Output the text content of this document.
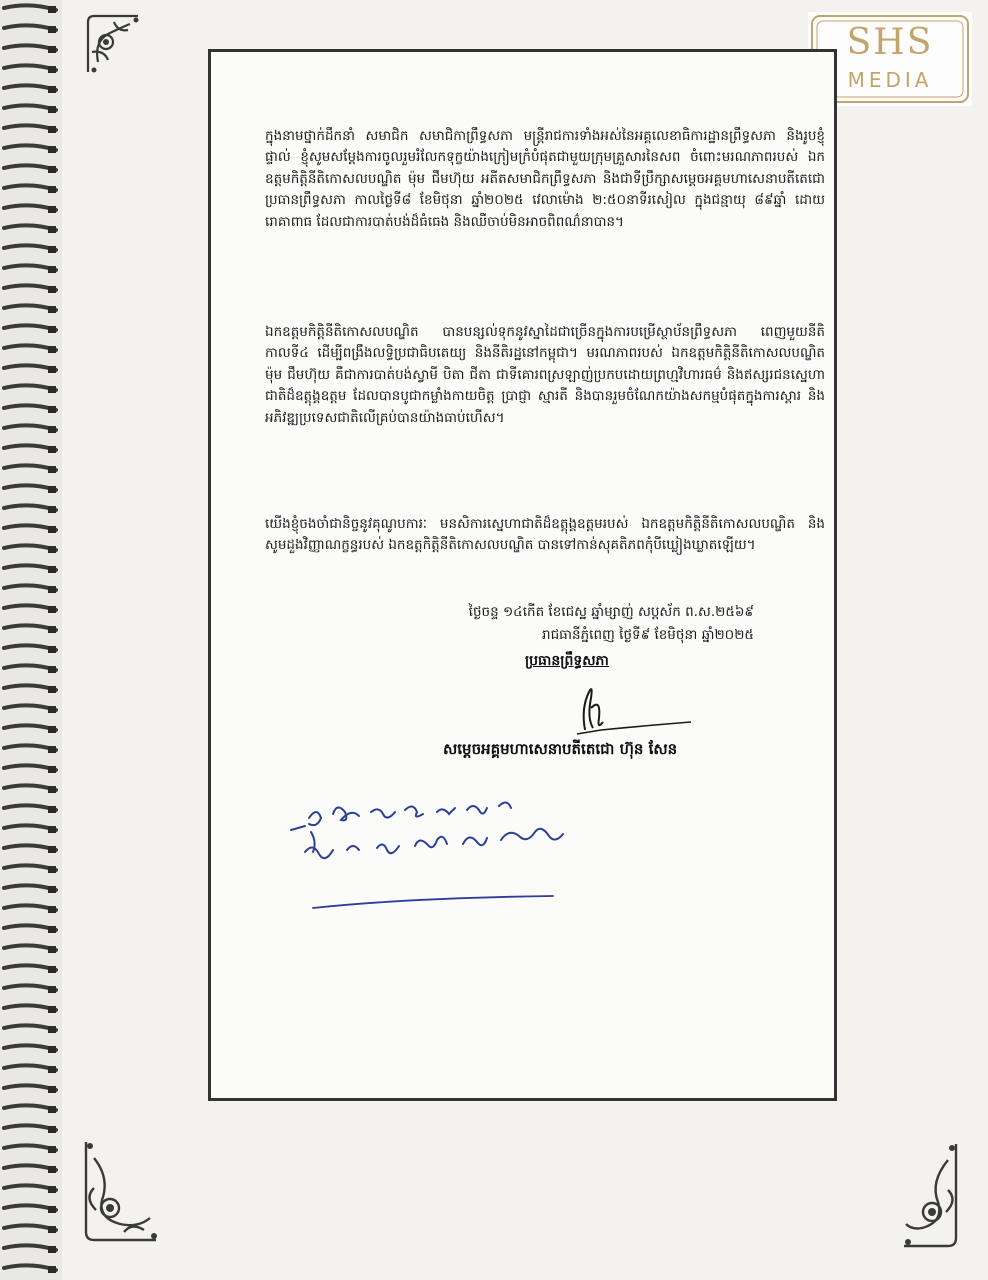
SHS
MEDIA

ក្នុងនាមថ្នាក់ដឹកនាំ សមាជិក សមាជិកាព្រឹទ្ធសភា មន្ត្រីរាជការទាំងអស់នៃអគ្គលេខាធិការដ្ឋានព្រឹទ្ធសភា និងរូបខ្ញុំផ្ទាល់ ខ្ញុំសូមសម្តែងការចូលរួមរំលែកទុក្ខយ៉ាងក្រៀមក្រំបំផុតជាមួយក្រុមគ្រួសារនៃសព ចំពោះមរណភាពរបស់ ឯកឧត្តមកិត្តិនីតិកោសលបណ្ឌិត ម៉ុម ជឹមហ៊ុយ អតីតសមាជិកព្រឹទ្ធសភា និងជាទីប្រឹក្សាសម្តេចអគ្គមហាសេនាបតីតេជោ ប្រធានព្រឹទ្ធសភា កាលថ្ងៃទី៨ ខែមិថុនា ឆ្នាំ២០២៥ វេលាម៉ោង ២:៥០នាទីរសៀល ក្នុងជន្មាយុ ៨៩ឆ្នាំ ដោយរោគាពាធ ដែលជាការបាត់បង់ដ៏ធំធេង និងឈឺចាប់មិនអាចពិពណ៌នាបាន។

ឯកឧត្តមកិត្តិនីតិកោសលបណ្ឌិត បានបន្សល់ទុកនូវស្នាដៃជាច្រើនក្នុងការបម្រើស្ថាប័នព្រឹទ្ធសភា ពេញមួយនីតិកាលទី៤ ដើម្បីពង្រឹងលទ្ធិប្រជាធិបតេយ្យ និងនីតិរដ្ឋនៅកម្ពុជា។ មរណភាពរបស់ ឯកឧត្តមកិត្តិនីតិកោសលបណ្ឌិត ម៉ុម ជឹមហ៊ុយ គឺជាការបាត់បង់ស្វាមី បិតា ជីតា ជាទីគោរពស្រឡាញ់ប្រកបដោយព្រហ្មវិហារធម៌ និងឥស្សរជនស្នេហាជាតិដ៏ឧត្តុង្គឧត្តម ដែលបានបូជាកម្លាំងកាយចិត្ត ប្រាជ្ញា ស្មារតី និងបានរួមចំណែកយ៉ាងសកម្មបំផុតក្នុងការស្តារ និងអភិវឌ្ឍប្រទេសជាតិលើគ្រប់បានយ៉ាងធាប់ហើស។

យើងខ្ញុំចងចាំជានិច្ចនូវគុណូបការៈ មនសិការស្នេហាជាតិដ៏ឧត្តុង្គឧត្តមរបស់ ឯកឧត្តមកិត្តិនីតិកោសលបណ្ឌិត និងសូមដួងវិញ្ញាណក្ខន្ធរបស់ ឯកឧត្តកិត្តិនីតិកោសលបណ្ឌិត បានទៅកាន់សុគតិភពកុំបីឃ្លៀងឃ្លាតឡើយ។

ថ្ងៃចន្ទ ១៤កើត ខែជេស្ឋ ឆ្នាំម្សាញ់ សប្តស័ក ព.ស.២៥៦៩
រាជធានីភ្នំពេញ ថ្ងៃទី៩ ខែមិថុនា ឆ្នាំ២០២៥
ប្រធានព្រឹទ្ធសភា
សម្តេចអគ្គមហាសេនាបតីតេជោ ហ៊ុន សែន
